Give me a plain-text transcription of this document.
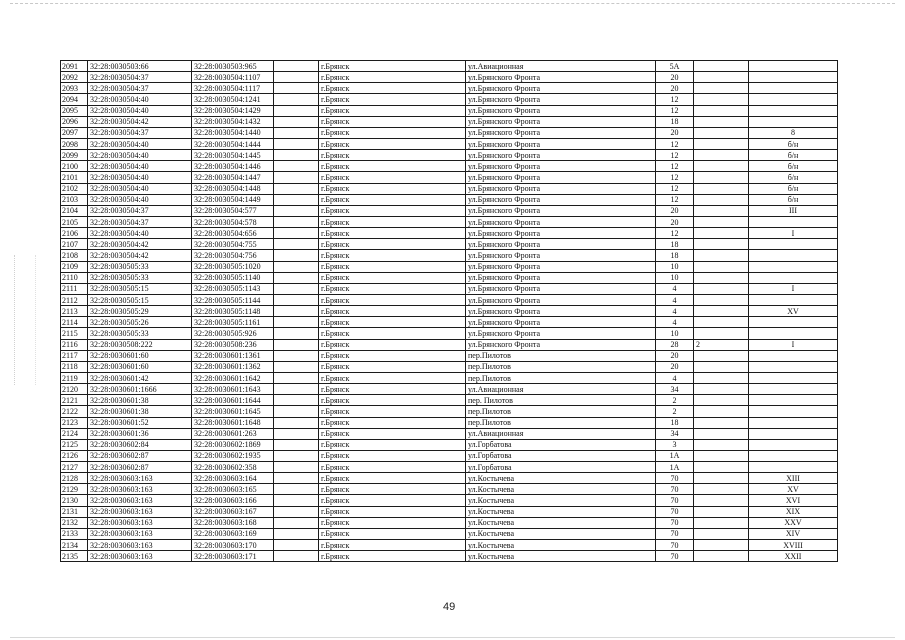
2091	32:28:0030503:66	32:28:0030503:965		г.Брянск	ул.Авиационная	5А		
2092	32:28:0030504:37	32:28:0030504:1107		г.Брянск	ул.Брянского Фронта	20		
2093	32:28:0030504:37	32:28:0030504:1117		г.Брянск	ул.Брянского Фронта	20		
2094	32:28:0030504:40	32:28:0030504:1241		г.Брянск	ул.Брянского Фронта	12		
2095	32:28:0030504:40	32:28:0030504:1429		г.Брянск	ул.Брянского Фронта	12		
2096	32:28:0030504:42	32:28:0030504:1432		г.Брянск	ул.Брянского Фронта	18		
2097	32:28:0030504:37	32:28:0030504:1440		г.Брянск	ул.Брянского Фронта	20		8
2098	32:28:0030504:40	32:28:0030504:1444		г.Брянск	ул.Брянского Фронта	12		б/н
2099	32:28:0030504:40	32:28:0030504:1445		г.Брянск	ул.Брянского Фронта	12		б/н
2100	32:28:0030504:40	32:28:0030504:1446		г.Брянск	ул.Брянского Фронта	12		б/н
2101	32:28:0030504:40	32:28:0030504:1447		г.Брянск	ул.Брянского Фронта	12		б/н
2102	32:28:0030504:40	32:28:0030504:1448		г.Брянск	ул.Брянского Фронта	12		б/н
2103	32:28:0030504:40	32:28:0030504:1449		г.Брянск	ул.Брянского Фронта	12		б/н
2104	32:28:0030504:37	32:28:0030504:577		г.Брянск	ул.Брянского Фронта	20		III
2105	32:28:0030504:37	32:28:0030504:578		г.Брянск	ул.Брянского Фронта	20		
2106	32:28:0030504:40	32:28:0030504:656		г.Брянск	ул.Брянского Фронта	12		I
2107	32:28:0030504:42	32:28:0030504:755		г.Брянск	ул.Брянского Фронта	18		
2108	32:28:0030504:42	32:28:0030504:756		г.Брянск	ул.Брянского Фронта	18		
2109	32:28:0030505:33	32:28:0030505:1020		г.Брянск	ул.Брянского Фронта	10		
2110	32:28:0030505:33	32:28:0030505:1140		г.Брянск	ул.Брянского Фронта	10		
2111	32:28:0030505:15	32:28:0030505:1143		г.Брянск	ул.Брянского Фронта	4		I
2112	32:28:0030505:15	32:28:0030505:1144		г.Брянск	ул.Брянского Фронта	4		
2113	32:28:0030505:29	32:28:0030505:1148		г.Брянск	ул.Брянского Фронта	4		XV
2114	32:28:0030505:26	32:28:0030505:1161		г.Брянск	ул.Брянского Фронта	4		
2115	32:28:0030505:33	32:28:0030505:926		г.Брянск	ул.Брянского Фронта	10		
2116	32:28:0030508:222	32:28:0030508:236		г.Брянск	ул.Брянского Фронта	28	2	I
2117	32:28:0030601:60	32:28:0030601:1361		г.Брянск	пер.Пилотов	20		
2118	32:28:0030601:60	32:28:0030601:1362		г.Брянск	пер.Пилотов	20		
2119	32:28:0030601:42	32:28:0030601:1642		г.Брянск	пер.Пилотов	4		
2120	32:28:0030601:1666	32:28:0030601:1643		г.Брянск	ул.Авиационная	34		
2121	32:28:0030601:38	32:28:0030601:1644		г.Брянск	пер. Пилотов	2		
2122	32:28:0030601:38	32:28:0030601:1645		г.Брянск	пер.Пилотов	2		
2123	32:28:0030601:52	32:28:0030601:1648		г.Брянск	пер.Пилотов	18		
2124	32:28:0030601:36	32:28:0030601:263		г.Брянск	ул.Авиационная	34		
2125	32:28:0030602:84	32:28:0030602:1869		г.Брянск	ул.Горбатова	3		
2126	32:28:0030602:87	32:28:0030602:1935		г.Брянск	ул.Горбатова	1А		
2127	32:28:0030602:87	32:28:0030602:358		г.Брянск	ул.Горбатова	1А		
2128	32:28:0030603:163	32:28:0030603:164		г.Брянск	ул.Костычева	70		XIII
2129	32:28:0030603:163	32:28:0030603:165		г.Брянск	ул.Костычева	70		XV
2130	32:28:0030603:163	32:28:0030603:166		г.Брянск	ул.Костычева	70		XVI
2131	32:28:0030603:163	32:28:0030603:167		г.Брянск	ул.Костычева	70		XIX
2132	32:28:0030603:163	32:28:0030603:168		г.Брянск	ул.Костычева	70		XXV
2133	32:28:0030603:163	32:28:0030603:169		г.Брянск	ул.Костычева	70		XIV
2134	32:28:0030603:163	32:28:0030603:170		г.Брянск	ул.Костычева	70		XVIII
2135	32:28:0030603:163	32:28:0030603:171		г.Брянск	ул.Костычева	70		XXII
49
